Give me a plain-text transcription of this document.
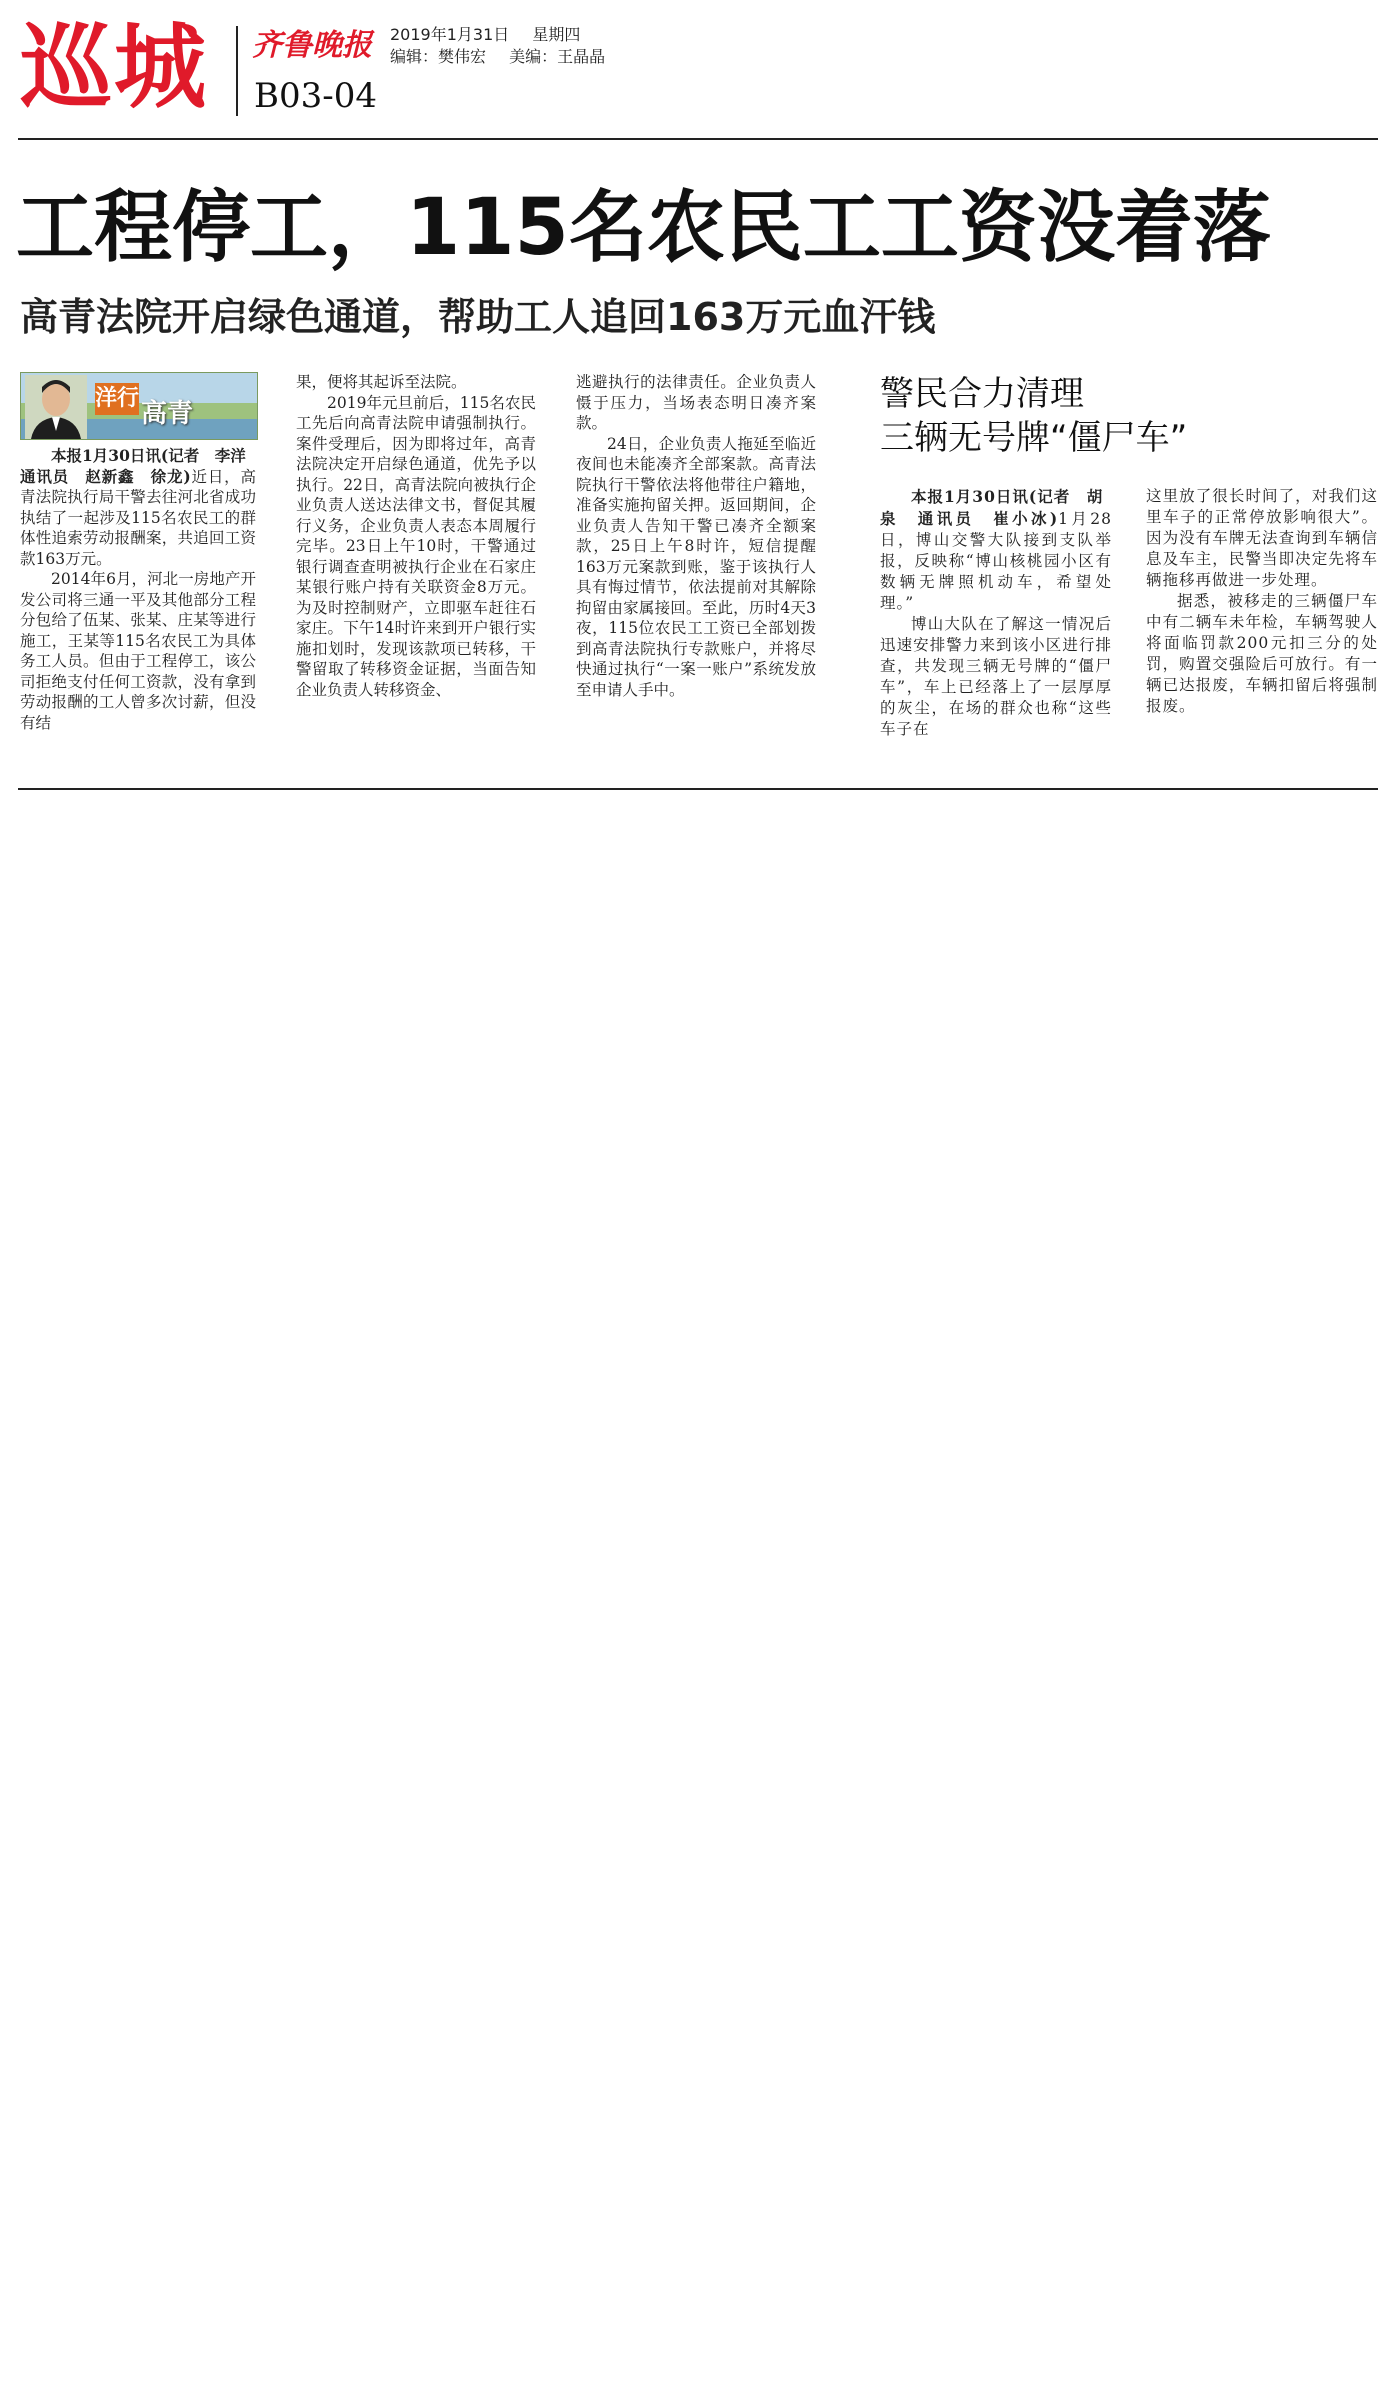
巡城 齐鲁晚报 2019年1月31日 星期四
编辑：樊伟宏 美编：王晶晶
B03-04
工程停工，115名农民工工资没着落
高青法院开启绿色通道，帮助工人追回163万元血汗钱
洋行
高青

本报1月30日讯(记者　李洋
通讯员　赵新鑫　徐龙)近日，高青法院执行局干警去往河北省成功执结了一起涉及115名农民工的群体性追索劳动报酬案，共追回工资款163万元。

2014年6月，河北一房地产开发公司将三通一平及其他部分工程分包给了伍某、张某、庄某等进行施工，王某等115名农民工为具体务工人员。但由于工程停工，该公司拒绝支付任何工资款，没有拿到劳动报酬的工人曾多次讨薪，但没有结

果，便将其起诉至法院。

2019年元旦前后，115名农民工先后向高青法院申请强制执行。案件受理后，因为即将过年，高青法院决定开启绿色通道，优先予以执行。22日，高青法院向被执行企业负责人送达法律文书，督促其履行义务，企业负责人表态本周履行完毕。23日上午10时，干警通过银行调查查明被执行企业在石家庄某银行账户持有关联资金8万元。为及时控制财产，立即驱车赶往石家庄。下午14时许来到开户银行实施扣划时，发现该款项已转移，干警留取了转移资金证据，当面告知企业负责人转移资金、

逃避执行的法律责任。企业负责人慑于压力，当场表态明日凑齐案款。

24日，企业负责人拖延至临近夜间也未能凑齐全部案款。高青法院执行干警依法将他带往户籍地，准备实施拘留关押。返回期间，企业负责人告知干警已凑齐全额案款，25日上午8时许，短信提醒163万元案款到账，鉴于该执行人具有悔过情节，依法提前对其解除拘留由家属接回。至此，历时4天3夜，115位农民工工资已全部划拨到高青法院执行专款账户，并将尽快通过执行“一案一账户”系统发放至申请人手中。

警民合力清理
三辆无号牌“僵尸车”

本报1月30日讯(记者　胡
泉　通讯员　崔小冰)1月28日，博山交警大队接到支队举报，反映称“博山核桃园小区有数辆无牌照机动车，希望处理。”

博山大队在了解这一情况后迅速安排警力来到该小区进行排查，共发现三辆无号牌的“僵尸车”，车上已经落上了一层厚厚的灰尘，在场的群众也称“这些车子在

这里放了很长时间了，对我们这里车子的正常停放影响很大”。因为没有车牌无法查询到车辆信息及车主，民警当即决定先将车辆拖移再做进一步处理。

据悉，被移走的三辆僵尸车中有二辆车未年检，车辆驾驶人将面临罚款200元扣三分的处罚，购置交强险后可放行。有一辆已达报废，车辆扣留后将强制报废。
